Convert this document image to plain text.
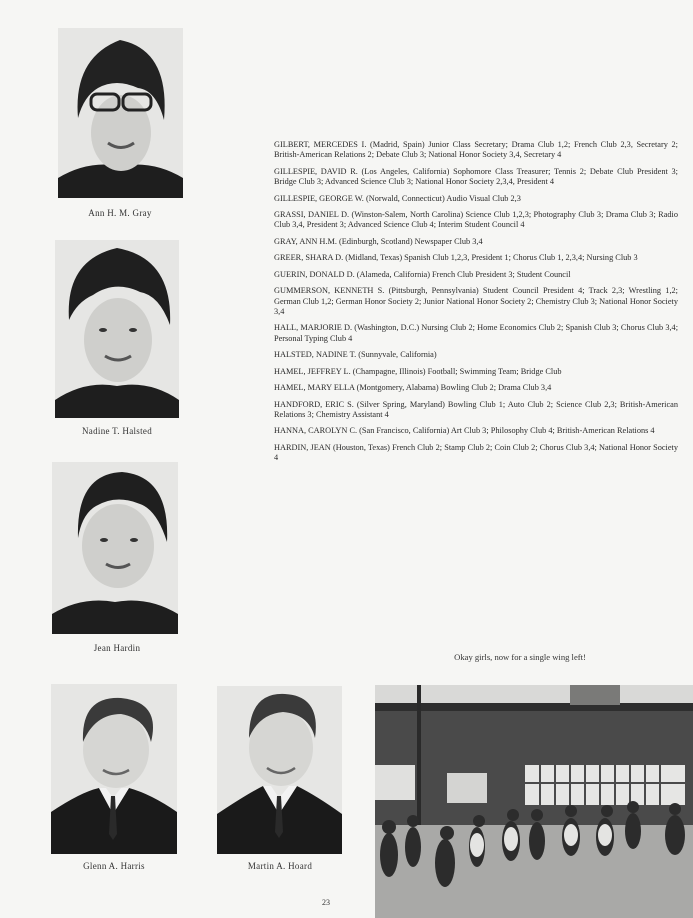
Ann H. M. Gray
Nadine T. Halsted
Jean Hardin
Glenn A. Harris	Martin A. Hoard

GILBERT, MERCEDES I. (Madrid, Spain) Junior Class Secretary; Drama Club 1,2; French Club 2,3, Secretary 2; British-American Relations 2; Debate Club 3; National Honor Society 3,4, Secretary 4

GILLESPIE, DAVID R. (Los Angeles, California) Sophomore Class Treasurer; Tennis 2; Debate Club President 3; Bridge Club 3; Advanced Science Club 3; National Honor Society 2,3,4, President 4

GILLESPIE, GEORGE W. (Norwald, Connecticut) Audio Visual Club 2,3

GRASSI, DANIEL D. (Winston-Salem, North Carolina) Science Club 1,2,3; Photography Club 3; Drama Club 3; Radio Club 3,4, President 3; Advanced Science Club 4; Interim Student Council 4

GRAY, ANN H.M. (Edinburgh, Scotland) Newspaper Club 3,4

GREER, SHARA D. (Midland, Texas) Spanish Club 1,2,3, President 1; Chorus Club 1, 2,3,4; Nursing Club 3

GUERIN, DONALD D. (Alameda, California) French Club President 3; Student Council

GUMMERSON, KENNETH S. (Pittsburgh, Pennsylvania) Student Council President 4; Track 2,3; Wrestling 1,2; German Club 1,2; German Honor Society 2; Junior National Honor Society 2; Chemistry Club 3; National Honor Society 3,4

HALL, MARJORIE D. (Washington, D.C.) Nursing Club 2; Home Economics Club 2; Spanish Club 3; Chorus Club 3,4; Personal Typing Club 4

HALSTED, NADINE T. (Sunnyvale, California)

HAMEL, JEFFREY L. (Champagne, Illinois) Football; Swimming Team; Bridge Club

HAMEL, MARY ELLA (Montgomery, Alabama) Bowling Club 2; Drama Club 3,4

HANDFORD, ERIC S. (Silver Spring, Maryland) Bowling Club 1; Auto Club 2; Science Club 2,3; British-American Relations 3; Chemistry Assistant 4

HANNA, CAROLYN C. (San Francisco, California) Art Club 3; Philosophy Club 4; British-American Relations 4

HARDIN, JEAN (Houston, Texas) French Club 2; Stamp Club 2; Coin Club 2; Chorus Club 3,4; National Honor Society 4

Okay girls, now for a single wing left!
23
